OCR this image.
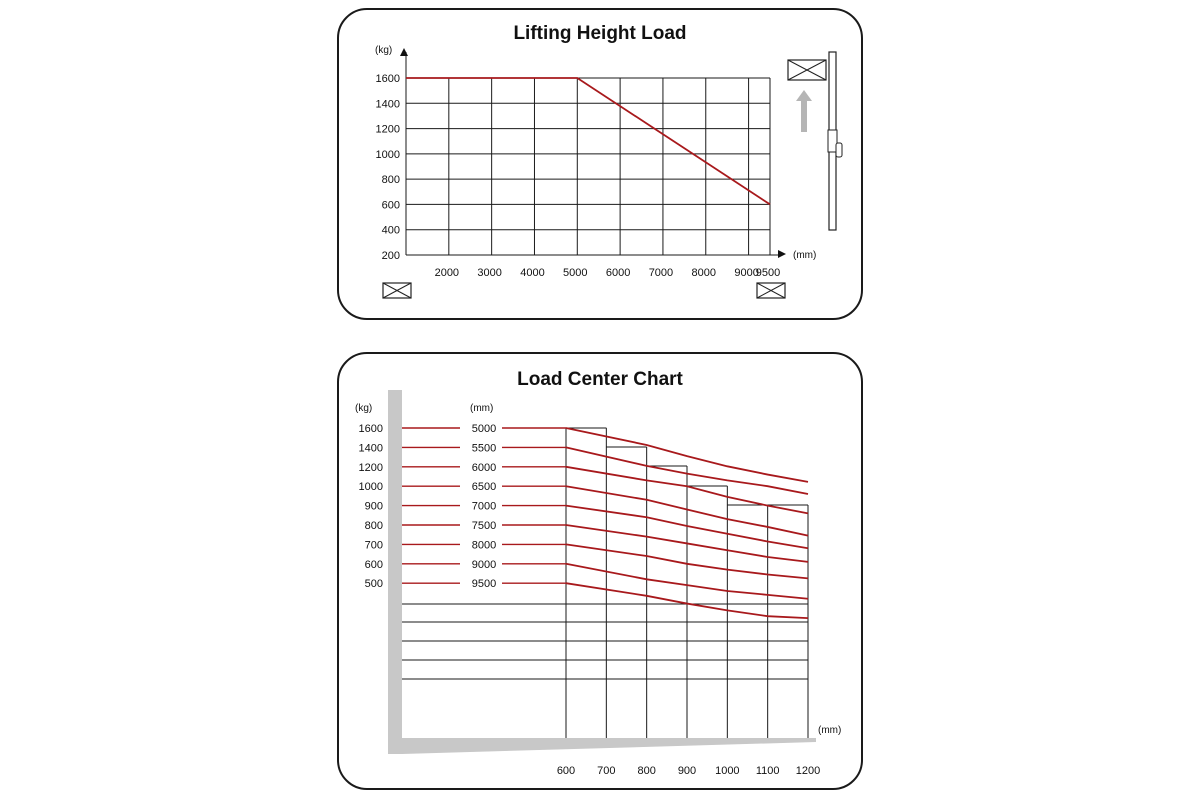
Lifting Height Load
(kg)
(mm)
200
400
600
800
1000
1200
1400
1600
2000 3000 4000 5000 6000 7000 8000 9000
9500
Load Center Chart
(kg)	(mm)
(mm)
1600	5000
1400	5500
1200	6000
1000	6500
900	7000
800	7500
700	8000
600	9000
500	9500
600 700 800 900 1000 1100 1200
